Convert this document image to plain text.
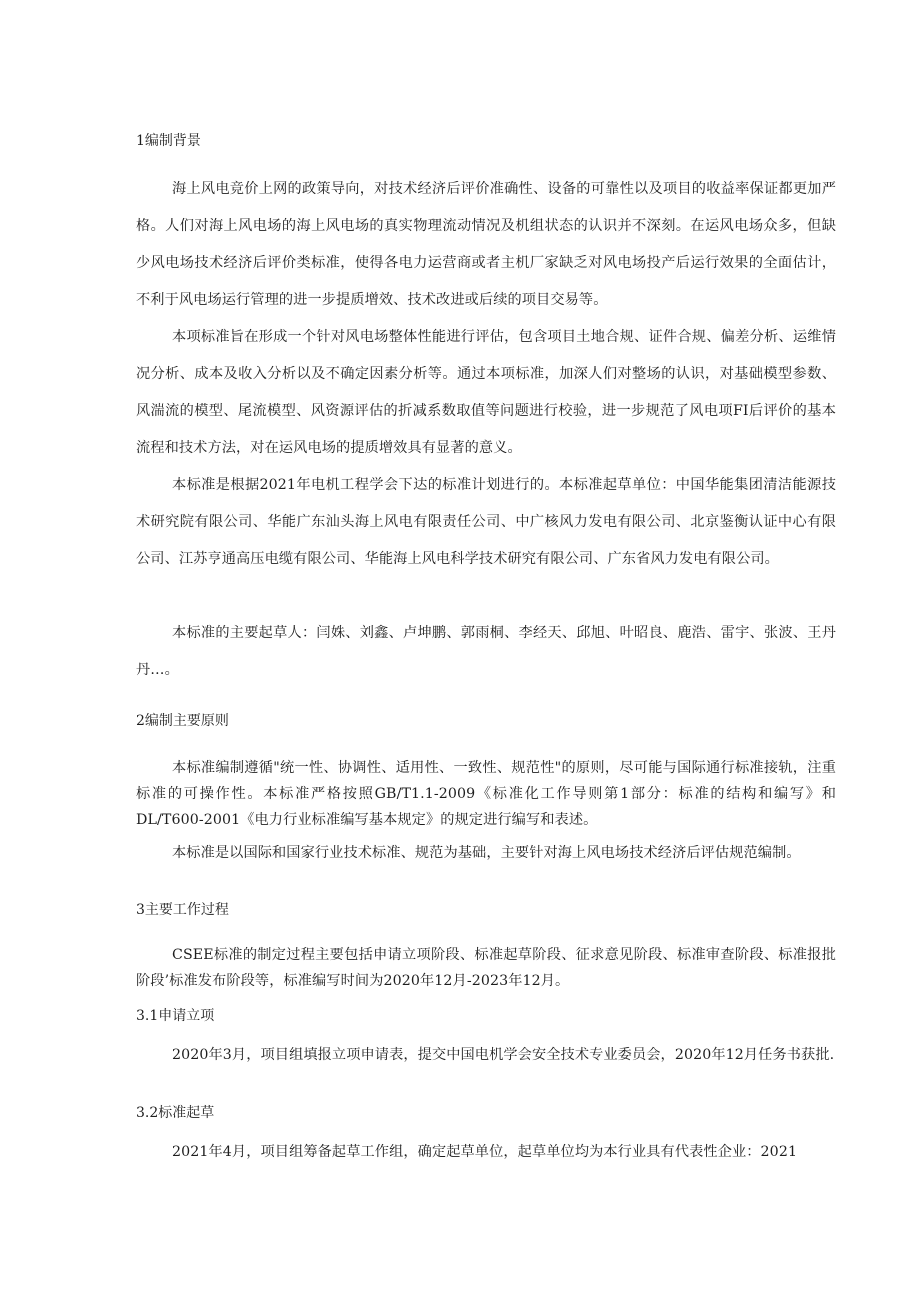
1编制背景

海上风电竞价上网的政策导向，对技术经济后评价准确性、设备的可靠性以及项目的收益率保证都更加严格。人们对海上风电场的海上风电场的真实物理流动情况及机组状态的认识并不深刻。在运风电场众多，但缺少风电场技术经济后评价类标准，使得各电力运营商或者主机厂家缺乏对风电场投产后运行效果的全面估计，不利于风电场运行管理的进一步提质增效、技术改进或后续的项目交易等。

本项标准旨在形成一个针对风电场整体性能进行评估，包含项目土地合规、证件合规、偏差分析、运维情况分析、成本及收入分析以及不确定因素分析等。通过本项标准，加深人们对整场的认识，对基础模型参数、风湍流的模型、尾流模型、风资源评估的折减系数取值等问题进行校验，进一步规范了风电项FI后评价的基本流程和技术方法，对在运风电场的提质增效具有显著的意义。

本标准是根据2021年电机工程学会下达的标准计划进行的。本标准起草单位：中国华能集团清洁能源技术研究院有限公司、华能广东汕头海上风电有限责任公司、中广核风力发电有限公司、北京鉴衡认证中心有限公司、江苏亨通高压电缆有限公司、华能海上风电科学技术研究有限公司、广东省风力发电有限公司。

本标准的主要起草人：闫姝、刘鑫、卢坤鹏、郭雨桐、李经天、邱旭、叶昭良、鹿浩、雷宇、张波、王丹丹…。

2编制主要原则

本标准编制遵循"统一性、协调性、适用性、一致性、规范性"的原则，尽可能与国际通行标准接轨，注重标准的可操作性。本标准严格按照GB/T1.1-2009《标准化工作导则第1部分：标准的结构和编写》和DL/T600-2001《电力行业标准编写基本规定》的规定进行编写和表述。

本标准是以国际和国家行业技术标准、规范为基础，主要针对海上风电场技术经济后评估规范编制。

3主要工作过程

CSEE标准的制定过程主要包括申请立项阶段、标准起草阶段、征求意见阶段、标准审查阶段、标准报批阶段’标准发布阶段等，标准编写时间为2020年12月-2023年12月。

3.1申请立项

2020年3月，项目组填报立项申请表，提交中国电机学会安全技术专业委员会，2020年12月任务书获批.

3.2标准起草

2021年4月，项目组筹备起草工作组，确定起草单位，起草单位均为本行业具有代表性企业：2021
